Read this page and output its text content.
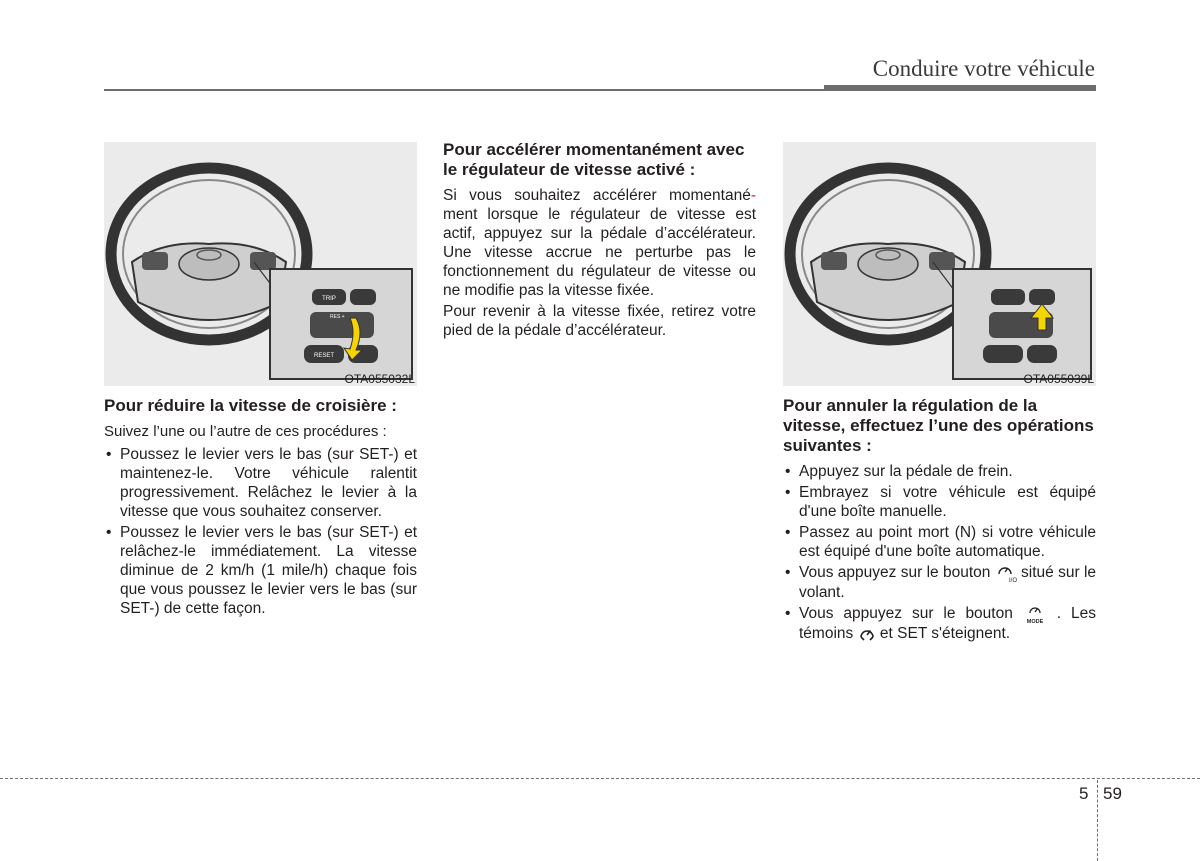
Conduire votre véhicule
TRIP
RES +
RESET
OTA055032L
Pour réduire la vitesse de croisière :

Suivez l’une ou l’autre de ces procédures :

• Poussez le levier vers le bas (sur SET-) et maintenez-le. Votre véhicule ralentit progressivement. Relâchez le levier à la vitesse que vous souhaitez conserver.
• Poussez le levier vers le bas (sur SET-) et relâchez-le immédiatement. La vitesse diminue de 2 km/h (1 mile/h) chaque fois que vous poussez le levier vers le bas (sur SET-) de cette façon.
Pour accélérer momentanément avec le régulateur de vitesse activé :

Si vous souhaitez accélérer momentané- ment lorsque le régulateur de vitesse est actif, appuyez sur la pédale d’accélérateur. Une vitesse accrue ne perturbe pas le fonctionnement du régulateur de vitesse ou ne modifie pas la vitesse fixée.

Pour revenir à la vitesse fixée, retirez votre pied de la pédale d’accélérateur.

OTA055039L
Pour annuler la régulation de la vitesse, effectuez l’une des opérations suivantes :
• Appuyez sur la pédale de frein.
• Embrayez si votre véhicule est équipé d'une boîte manuelle.
• Passez au point mort (N) si votre véhicule est équipé d'une boîte automatique.
• Vous appuyez sur le bouton	I/O situé sur le volant.
• Vous appuyez sur le bouton MODE . Les témoins et SET s'éteignent.
5 59
